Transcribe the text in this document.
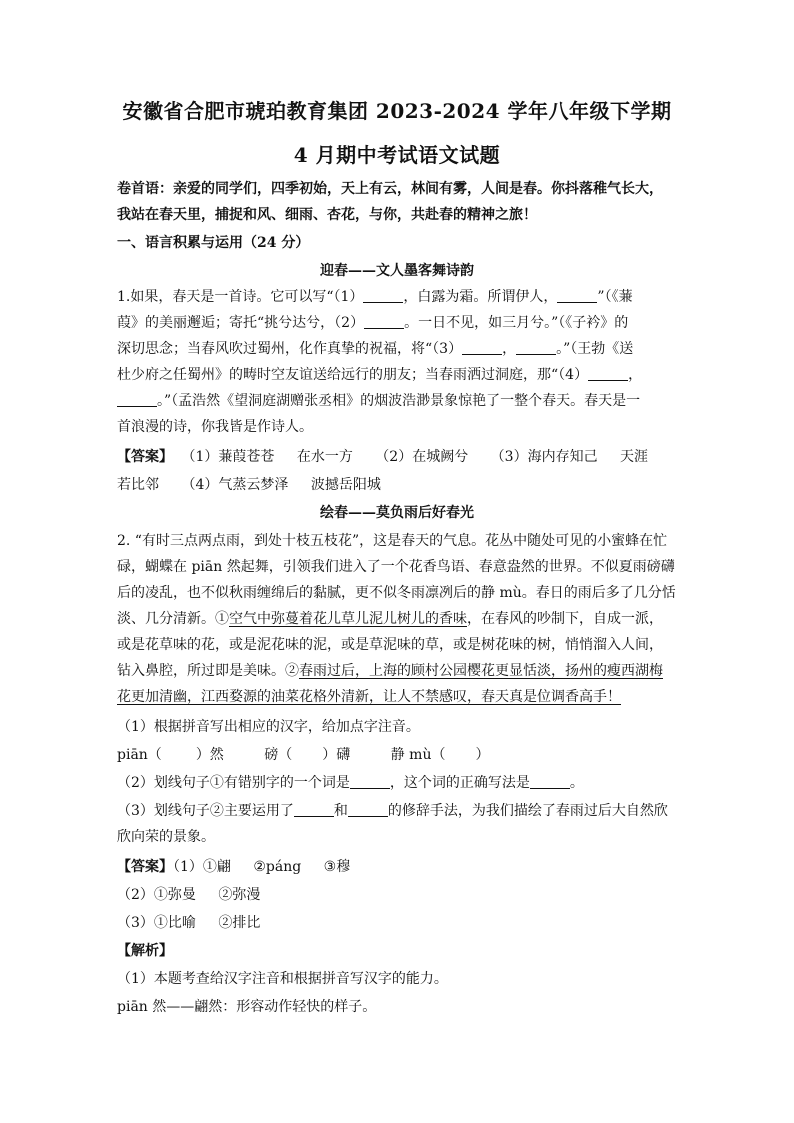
安徽省合肥市琥珀教育集团 2023-2024 学年八年级下学期
4 月期中考试语文试题
卷首语：亲爱的同学们，四季初始，天上有云，林间有雾，人间是春。你抖落稚气长大，
我站在春天里，捕捉和风、细雨、杏花，与你，共赴春的精神之旅！
一、语言积累与运用（24 分）
迎春——文人墨客舞诗韵
1.如果，春天是一首诗。它可以写“（1）	，白露为霜。所谓伊人，	”（《蒹
葭》的美丽邂逅；寄托“挑兮达兮，（2）	。一日不见，如三月兮。”（《子衿》的
深切思念；当春风吹过蜀州，化作真挚的祝福，将“（3）	，	。”（王勃《送
杜少府之任蜀州》的畴时空友谊送给远行的朋友；当春雨洒过洞庭，那“（4）	，
。”（孟浩然《望洞庭湖赠张丞相》的烟波浩渺景象惊艳了一整个春天。春天是一
首浪漫的诗，你我皆是作诗人。
【答案】 （1）蒹葭苍苍 在水一方 （2）在城阙兮 （3）海内存知己 天涯
若比邻 （4）气蒸云梦泽 波撼岳阳城
绘春——莫负雨后好春光
2. “有时三点两点雨，到处十枝五枝花”，这是春天的气息。花丛中随处可见的小蜜蜂在忙
碌，蝴蝶在 piān 然起舞，引领我们进入了一个花香鸟语、春意盎然的世界。不似夏雨磅礴
后的凌乱，也不似秋雨缠绵后的黏腻，更不似冬雨凛冽后的静 mù。春日的雨后多了几分恬
淡、几分清新。①空气中弥蔓着花儿草儿泥儿树儿的香味，在春风的吵制下，自成一派，
或是花草味的花，或是泥花味的泥，或是草泥味的草，或是树花味的树，悄悄溜入人间，
钻入鼻腔，所过即是美味。②春雨过后，上海的顾村公园樱花更显恬淡，扬州的瘦西湖梅
花更加清幽，江西婺源的油菜花格外清新，让人不禁感叹，春天真是位调香高手！
（1）根据拼音写出相应的汉字，给加点字注音。
piān（ ）然	磅（ ）礴	静 mù（ ）
（2）划线句子①有错别字的一个词是	，这个词的正确写法是	。
（3）划线句子②主要运用了	和	的修辞手法，为我们描绘了春雨过后大自然欣
欣向荣的景象。
【答案】（1）①翩 ②páng ③穆
（2）①弥曼 ②弥漫
（3）①比喻 ②排比
【解析】
（1）本题考查给汉字注音和根据拼音写汉字的能力。
piān 然——翩然：形容动作轻快的样子。
